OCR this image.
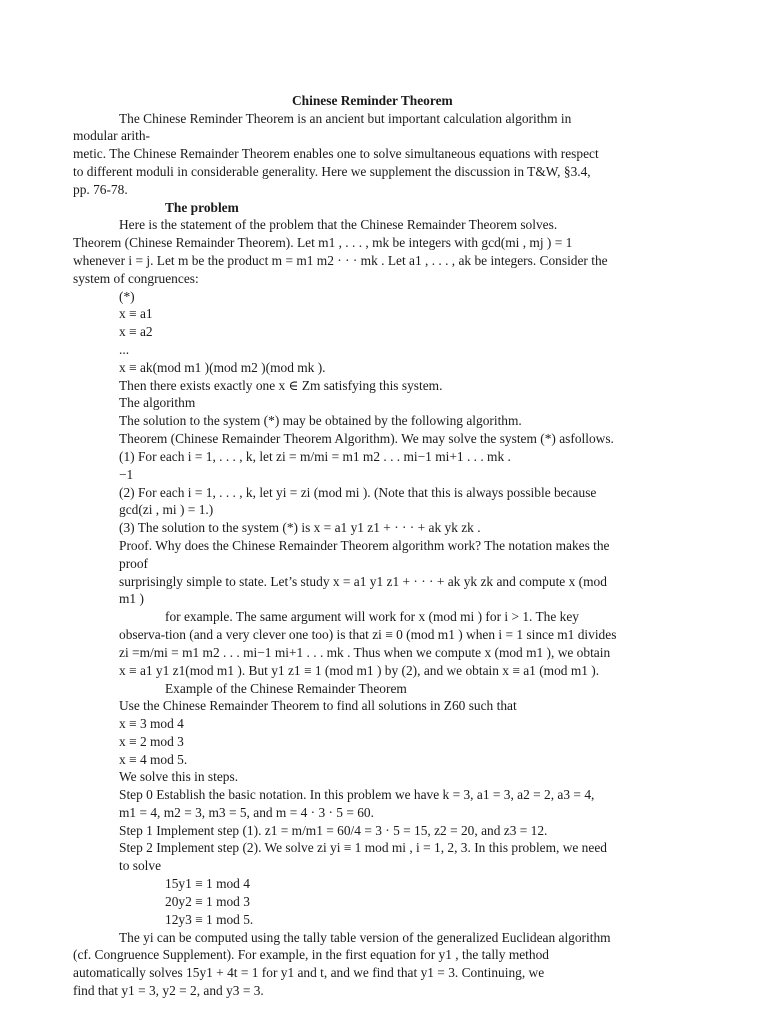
Chinese Reminder Theorem
The Chinese Reminder Theorem is an ancient but important calculation algorithm in
modular arith-
metic. The Chinese Remainder Theorem enables one to solve simultaneous equations with respect
to different moduli in considerable generality. Here we supplement the discussion in T&W, §3.4,
pp. 76-78.
The problem
Here is the statement of the problem that the Chinese Remainder Theorem solves.
Theorem (Chinese Remainder Theorem). Let m1 , . . . , mk be integers with gcd(mi , mj ) = 1
whenever i = j. Let m be the product m = m1 m2 · · · mk . Let a1 , . . . , ak be integers. Consider the
system of congruences:
(*)
x ≡ a1
x ≡ a2
...
x ≡ ak(mod m1 )(mod m2 )(mod mk ).
Then there exists exactly one x ∈ Zm satisfying this system.
The algorithm
The solution to the system (*) may be obtained by the following algorithm.
Theorem (Chinese Remainder Theorem Algorithm). We may solve the system (*) asfollows.
(1) For each i = 1, . . . , k, let zi = m/mi = m1 m2 . . . mi−1 mi+1 . . . mk .
−1
(2) For each i = 1, . . . , k, let yi = zi (mod mi ). (Note that this is always possible because
gcd(zi , mi ) = 1.)
(3) The solution to the system (*) is x = a1 y1 z1 + · · · + ak yk zk .
Proof. Why does the Chinese Remainder Theorem algorithm work? The notation makes the
proof
surprisingly simple to state. Let’s study x = a1 y1 z1 + · · · + ak yk zk and compute x (mod
m1 )
for example. The same argument will work for x (mod mi ) for i > 1. The key
observa-tion (and a very clever one too) is that zi ≡ 0 (mod m1 ) when i = 1 since m1 divides
zi =m/mi = m1 m2 . . . mi−1 mi+1 . . . mk . Thus when we compute x (mod m1 ), we obtain
x ≡ a1 y1 z1(mod m1 ). But y1 z1 ≡ 1 (mod m1 ) by (2), and we obtain x ≡ a1 (mod m1 ).
Example of the Chinese Remainder Theorem
Use the Chinese Remainder Theorem to find all solutions in Z60 such that
x ≡ 3 mod 4
x ≡ 2 mod 3
x ≡ 4 mod 5.
We solve this in steps.
Step 0 Establish the basic notation. In this problem we have k = 3, a1 = 3, a2 = 2, a3 = 4,
m1 = 4, m2 = 3, m3 = 5, and m = 4 · 3 · 5 = 60.
Step 1 Implement step (1). z1 = m/m1 = 60/4 = 3 · 5 = 15, z2 = 20, and z3 = 12.
Step 2 Implement step (2). We solve zi yi ≡ 1 mod mi , i = 1, 2, 3. In this problem, we need
to solve
15y1 ≡ 1 mod 4
20y2 ≡ 1 mod 3
12y3 ≡ 1 mod 5.
The yi can be computed using the tally table version of the generalized Euclidean algorithm
(cf. Congruence Supplement). For example, in the first equation for y1 , the tally method
automatically solves 15y1 + 4t = 1 for y1 and t, and we find that y1 = 3. Continuing, we
find that y1 = 3, y2 = 2, and y3 = 3.
